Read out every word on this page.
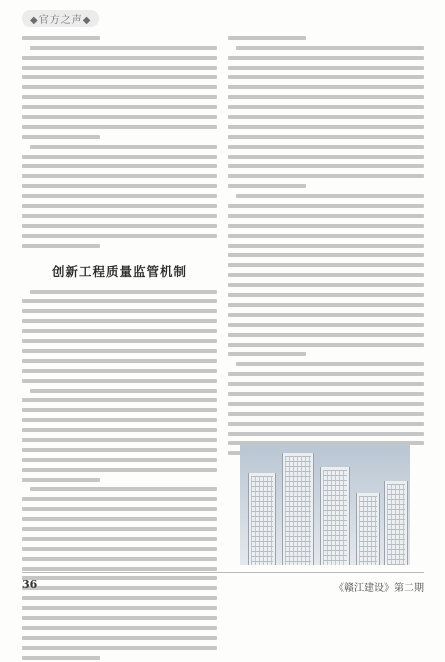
◆官方之声◆
创新工程质量监管机制
36	《赣江建设》第二期
